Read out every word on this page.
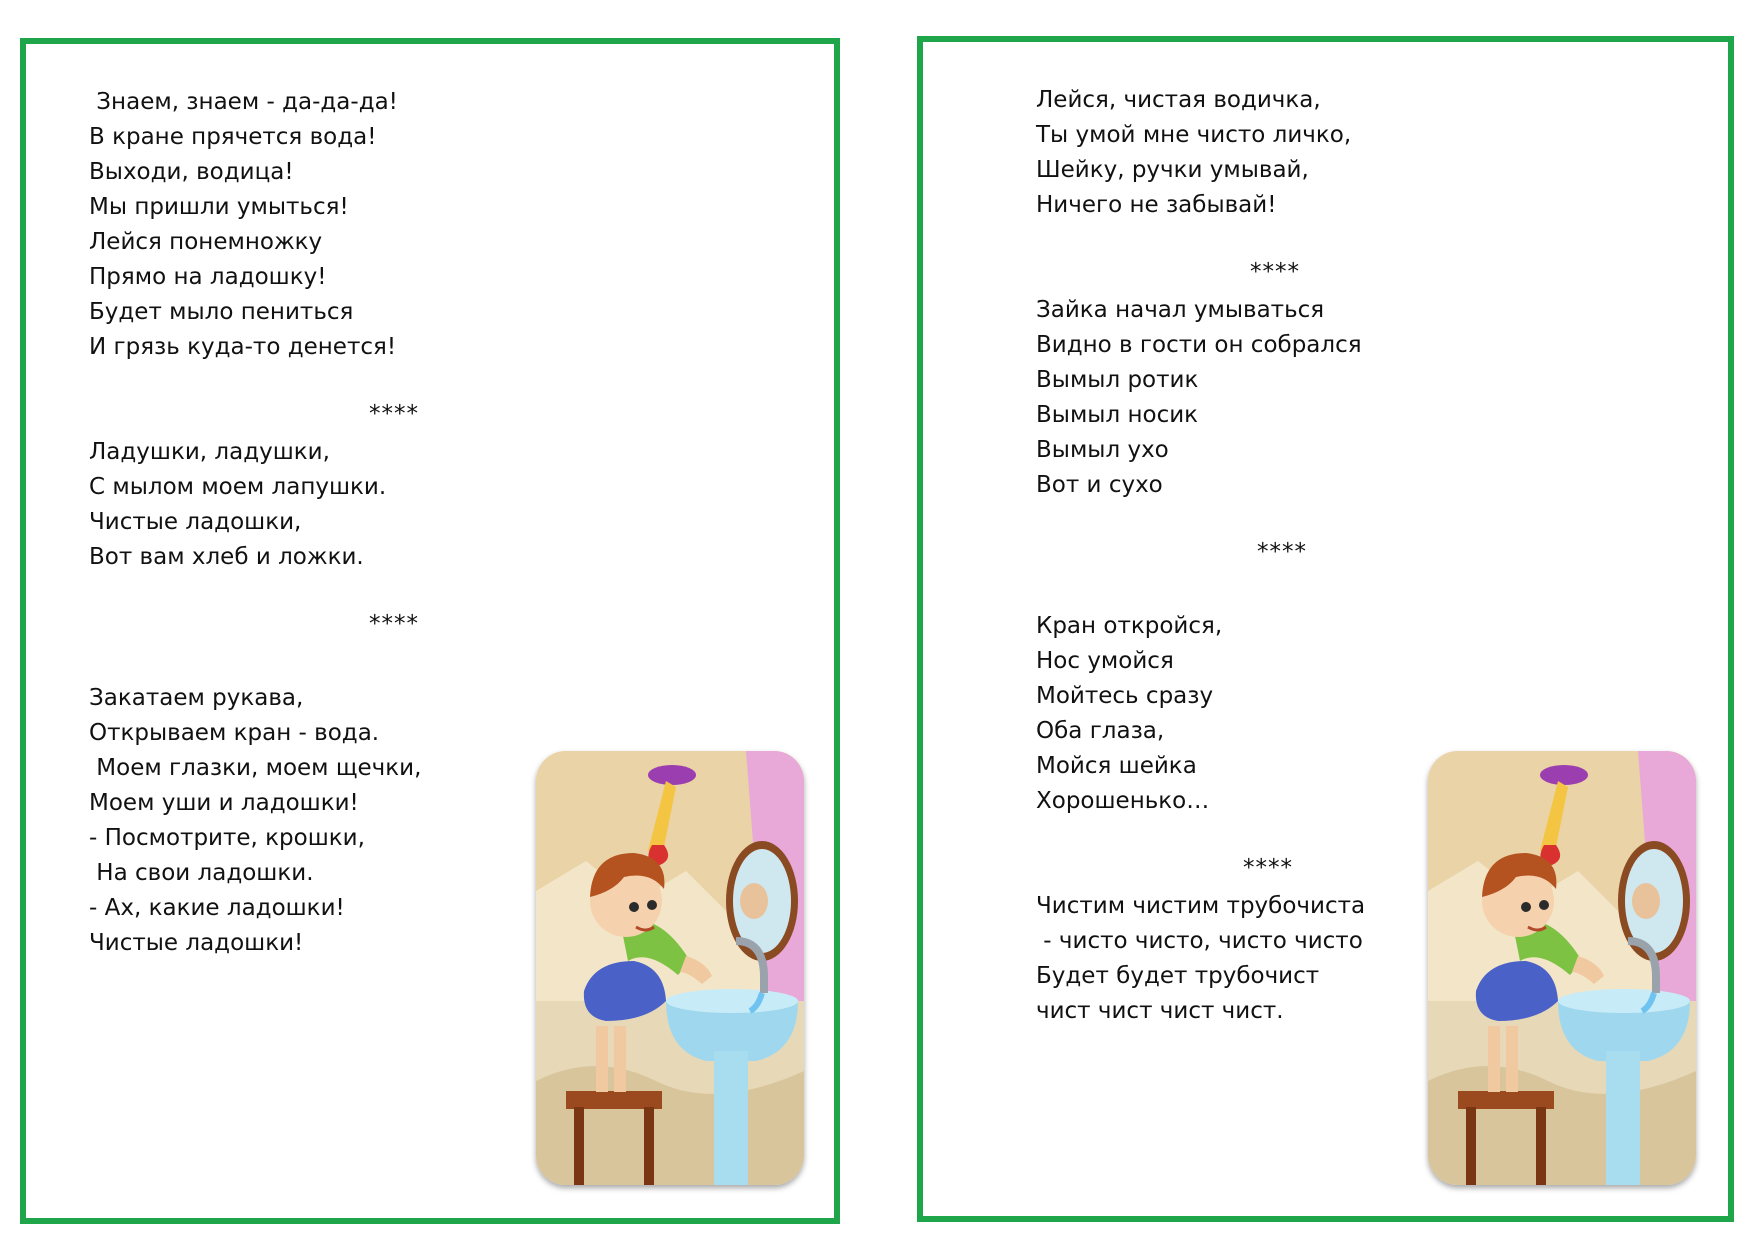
Знаем, знаем - да-да-да!
В кране прячется вода!
Выходи, водица!
Мы пришли умыться!
Лейся понемножку
Прямо на ладошку!
Будет мыло пениться
И грязь куда-то денется!
****
Ладушки, ладушки,
С мылом моем лапушки.
Чистые ладошки,
Вот вам хлеб и ложки.
****
Закатаем рукава,
Открываем кран - вода.
Моем глазки, моем щечки,
Моем уши и ладошки!
- Посмотрите, крошки,
На свои ладошки.
- Ах, какие ладошки!
Чистые ладошки!
Лейся, чистая водичка,
Ты умой мне чисто личко,
Шейку, ручки умывай,
Ничего не забывай!
****
Зайка начал умываться
Видно в гости он собрался
Вымыл ротик
Вымыл носик
Вымыл ухо
Вот и сухо
****
Кран откройся,
Нос умойся
Мойтесь сразу
Оба глаза,
Мойся шейка
Хорошенько…
****
Чистим чистим трубочиста
- чисто чисто, чисто чисто
Будет будет трубочист
чист чист чист чист.
